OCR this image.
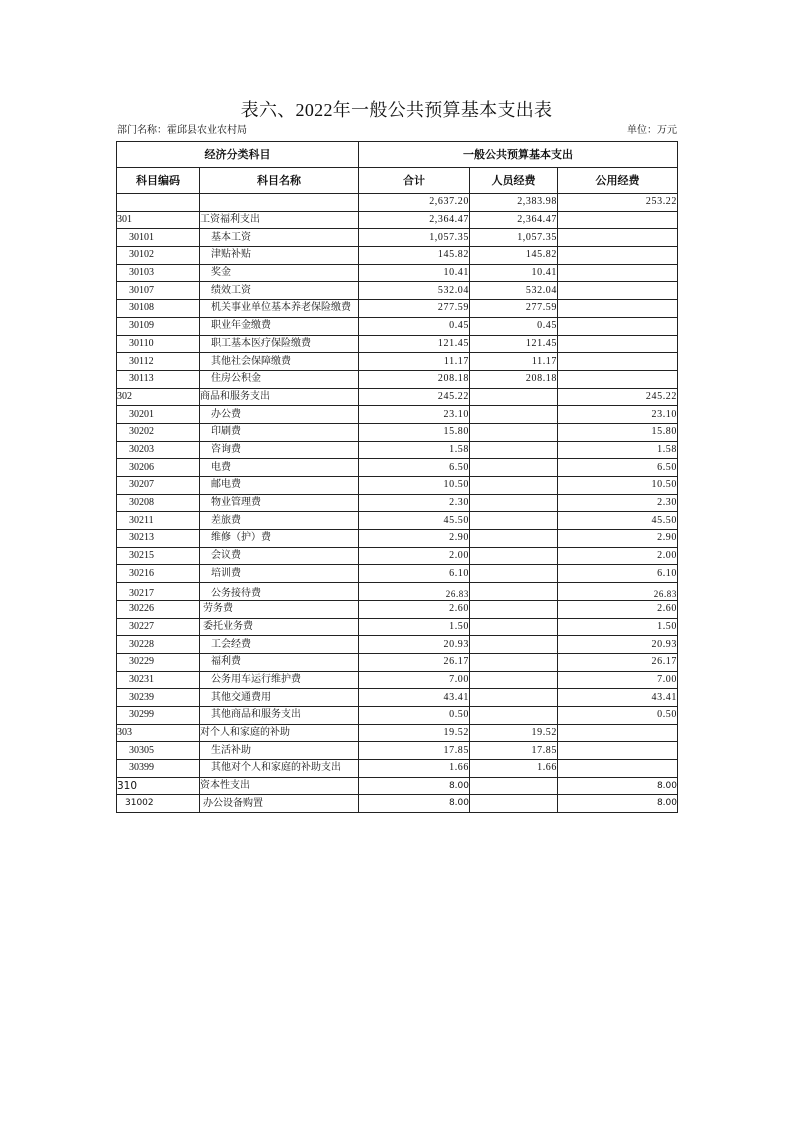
表六、2022年一般公共预算基本支出表
部门名称：霍邱县农业农村局	单位：万元
经济分类科目		一般公共预算基本支出		
科目编码	科目名称	合计	人员经费	公用经费
		2,637.20	2,383.98	253.22
301	工资福利支出	2,364.47	2,364.47	
30101	基本工资	1,057.35	1,057.35	
30102	津贴补贴	145.82	145.82	
30103	奖金	10.41	10.41	
30107	绩效工资	532.04	532.04	
30108	机关事业单位基本养老保险缴费	277.59	277.59	
30109	职业年金缴费	0.45	0.45	
30110	职工基本医疗保险缴费	121.45	121.45	
30112	其他社会保障缴费	11.17	11.17	
30113	住房公积金	208.18	208.18	
302	商品和服务支出	245.22		245.22
30201	办公费	23.10		23.10
30202	印刷费	15.80		15.80
30203	咨询费	1.58		1.58
30206	电费	6.50		6.50
30207	邮电费	10.50		10.50
30208	物业管理费	2.30		2.30
30211	差旅费	45.50		45.50
30213	维修（护）费	2.90		2.90
30215	会议费	2.00		2.00
30216	培训费	6.10		6.10
30217	公务接待费	26.83		26.83
30226	劳务费	2.60		2.60
30227	委托业务费	1.50		1.50
30228	工会经费	20.93		20.93
30229	福利费	26.17		26.17
30231	公务用车运行维护费	7.00		7.00
30239	其他交通费用	43.41		43.41
30299	其他商品和服务支出	0.50		0.50
303	对个人和家庭的补助	19.52	19.52	
30305	生活补助	17.85	17.85	
30399	其他对个人和家庭的补助支出	1.66	1.66	
310	资本性支出	8.00		8.00
31002	办公设备购置	8.00		8.00
